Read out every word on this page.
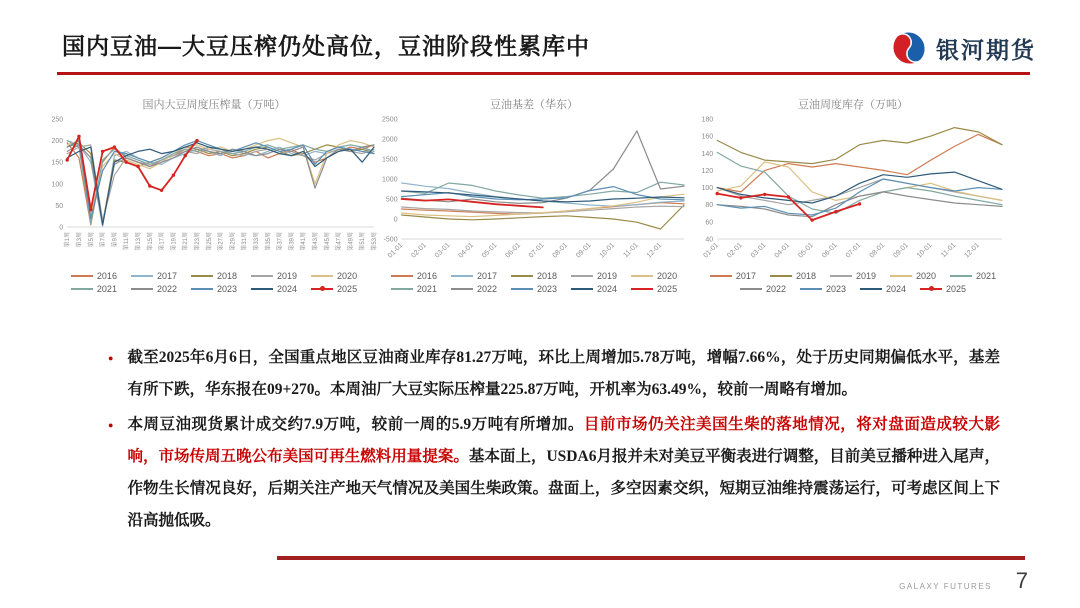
国内豆油—大豆压榨仍处高位，豆油阶段性累库中	银河期货
国内大豆周度压榨量（万吨）
0
50
100
150
200
250
第1周 第3周 第5周 第7周 第9周 第11周 第13周 第15周 第17周 第19周 第21周 第23周 第25周 第27周 第29周 第31周 第33周 第35周 第37周 第39周 第41周 第43周 第45周 第47周 第49周 第51周 第53周
2016	2017	2018	2019	2020
2021	2022	2023	2024	2025
豆油基差（华东）
-500
0
500
1000
1500
2000
2500
01-01 02-01 03-01 04-01 05-01 06-01 07-01 08-01 09-01 10-01 11-01 12-01
2016	2017	2018	2019	2020
2021	2022	2023	2024	2025
豆油周度库存（万吨）
40
60
80
100
120
140
160
180
01-01 02-01 03-01 04-01 05-01 06-01 07-01 08-01 09-01 10-01 11-01 12-01
2017	2018	2019	2020	2021
2022	2023	2024	2025
● 截至2025年6月6日，全国重点地区豆油商业库存81.27万吨，环比上周增加5.78万吨，增幅7.66%，处于历史同期偏低水平，基差有所下跌，华东报在09+270。本周油厂大豆实际压榨量225.87万吨，开机率为63.49%，较前一周略有增加。

● 本周豆油现货累计成交约7.9万吨，较前一周的5.9万吨有所增加。目前市场仍关注美国生柴的落地情况，将对盘面造成较大影响，市场传周五晚公布美国可再生燃料用量提案。基本面上，USDA6月报并未对美豆平衡表进行调整，目前美豆播种进入尾声，作物生长情况良好，后期关注产地天气情况及美国生柴政策。盘面上，多空因素交织，短期豆油维持震荡运行，可考虑区间上下沿高抛低吸。

GALAXY FUTURES 7
